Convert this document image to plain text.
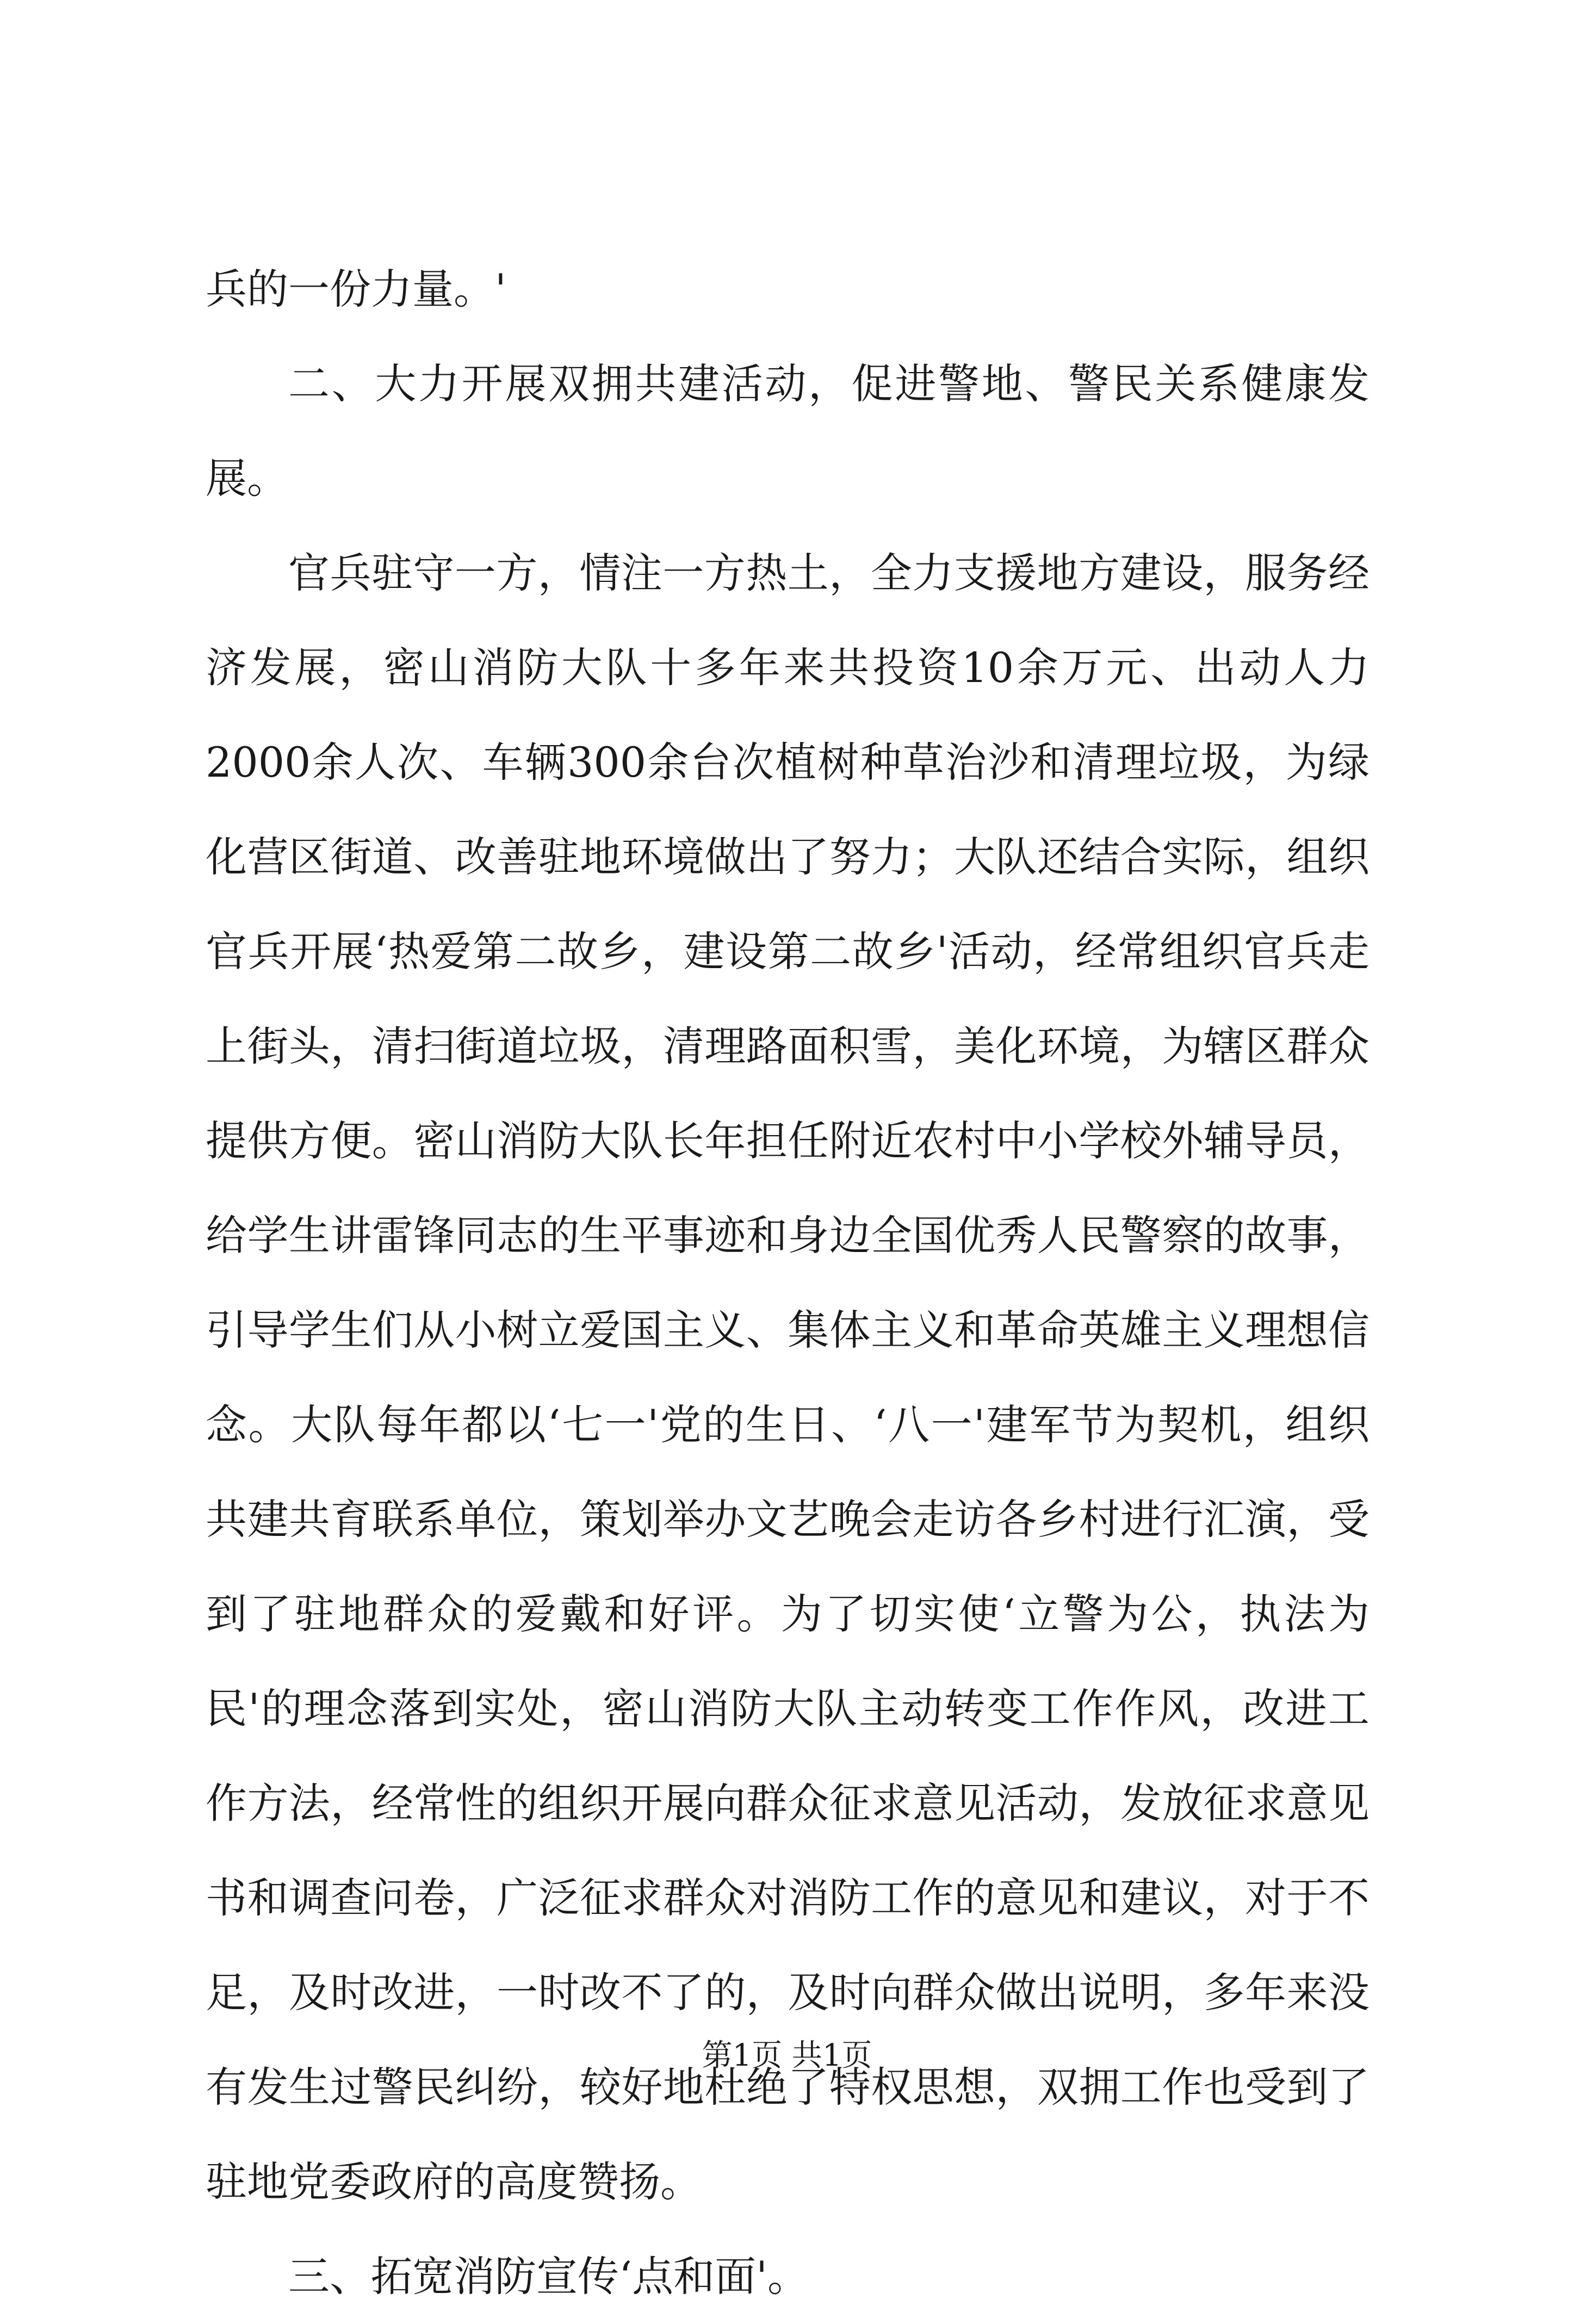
兵的一份力量。'

二、大力开展双拥共建活动，促进警地、警民关系健康发展。

官兵驻守一方，情注一方热土，全力支援地方建设，服务经济发展，密山消防大队十多年来共投资10余万元、出动人力2000余人次、车辆300余台次植树种草治沙和清理垃圾，为绿化营区街道、改善驻地环境做出了努力；大队还结合实际，组织官兵开展‘热爱第二故乡，建设第二故乡'活动，经常组织官兵走上街头，清扫街道垃圾，清理路面积雪，美化环境，为辖区群众提供方便。密山消防大队长年担任附近农村中小学校外辅导员，给学生讲雷锋同志的生平事迹和身边全国优秀人民警察的故事，引导学生们从小树立爱国主义、集体主义和革命英雄主义理想信念。大队每年都以‘七一'党的生日、‘八一'建军节为契机，组织共建共育联系单位，策划举办文艺晚会走访各乡村进行汇演，受到了驻地群众的爱戴和好评。为了切实使‘立警为公，执法为民'的理念落到实处，密山消防大队主动转变工作作风，改进工作方法，经常性的组织开展向群众征求意见活动，发放征求意见书和调查问卷，广泛征求群众对消防工作的意见和建议，对于不足，及时改进，一时改不了的，及时向群众做出说明，多年来没有发生过警民纠纷，较好地杜绝了特权思想，双拥工作也受到了驻地党委政府的高度赞扬。

三、拓宽消防宣传‘点和面'。

第1页 共1页
